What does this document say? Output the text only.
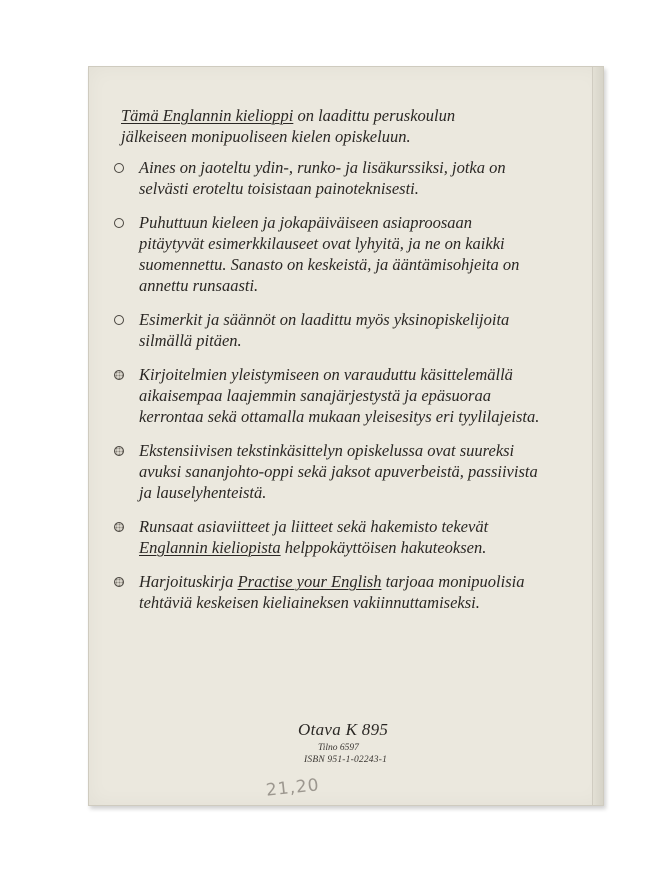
Tämä Englannin kielioppi on laadittu peruskoulun
jälkeiseen monipuoliseen kielen opiskeluun.

Aines on jaoteltu ydin-, runko- ja lisäkurssiksi, jotka on selvästi eroteltu toisistaan painoteknisesti.
Puhuttuun kieleen ja jokapäiväiseen asiaproosaan pitäytyvät esimerkkilauseet ovat lyhyitä, ja ne on kaikki suomennettu. Sanasto on keskeistä, ja ääntämisohjeita on annettu runsaasti.
Esimerkit ja säännöt on laadittu myös yksinopiskelijoita silmällä pitäen.
Kirjoitelmien yleistymiseen on varauduttu käsittelemällä aikaisempaa laajemmin sanajärjestystä ja epäsuoraa kerrontaa sekä ottamalla mukaan yleisesitys eri tyylilajeista.
Ekstensiivisen tekstinkäsittelyn opiskelussa ovat suureksi avuksi sananjohto-oppi sekä jaksot apuverbeistä, passiivista ja lauselyhenteistä.
Runsaat asiaviitteet ja liitteet sekä hakemisto tekevät Englannin kieliopista helppokäyttöisen hakuteoksen.
Harjoituskirja Practise your English tarjoaa monipuolisia tehtäviä keskeisen kieliaineksen vakiinnuttamiseksi.
Otava K 895
Tilno 6597
ISBN 951-1-02243-1
21,20
